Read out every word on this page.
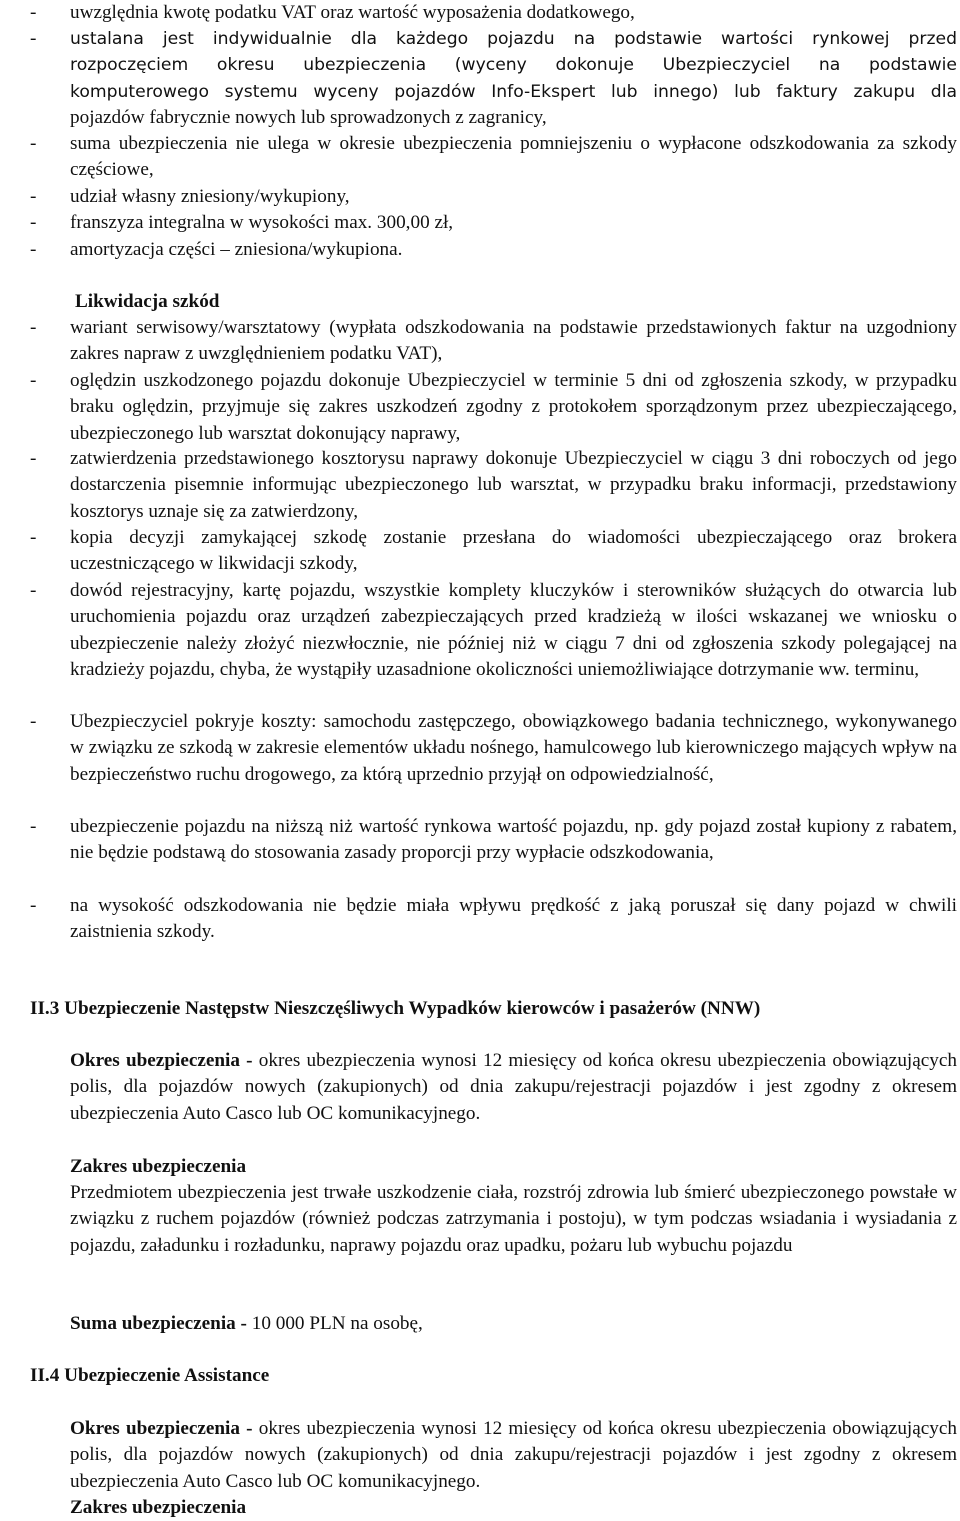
- uwzględnia kwotę podatku VAT oraz wartość wyposażenia dodatkowego,
- ustalana jest indywidualnie dla każdego pojazdu na podstawie wartości rynkowej przed
rozpoczęciem okresu ubezpieczenia (wyceny dokonuje Ubezpieczyciel na podstawie
komputerowego systemu wyceny pojazdów Info-Ekspert lub innego) lub faktury zakupu dla
pojazdów fabrycznie nowych lub sprowadzonych z zagranicy,
- suma ubezpieczenia nie ulega w okresie ubezpieczenia pomniejszeniu o wypłacone odszkodowania za szkody częściowe,
- udział własny zniesiony/wykupiony,
- franszyza integralna w wysokości max. 300,00 zł,
- amortyzacja części – zniesiona/wykupiona.
Likwidacja szkód
- wariant serwisowy/warsztatowy (wypłata odszkodowania na podstawie przedstawionych faktur na uzgodniony zakres napraw z uwzględnieniem podatku VAT),
- oględzin uszkodzonego pojazdu dokonuje Ubezpieczyciel w terminie 5 dni od zgłoszenia szkody, w przypadku braku oględzin, przyjmuje się zakres uszkodzeń zgodny z protokołem sporządzonym przez ubezpieczającego, ubezpieczonego lub warsztat dokonujący naprawy,
- zatwierdzenia przedstawionego kosztorysu naprawy dokonuje Ubezpieczyciel w ciągu 3 dni roboczych od jego dostarczenia pisemnie informując ubezpieczonego lub warsztat, w przypadku braku informacji, przedstawiony kosztorys uznaje się za zatwierdzony,
- kopia decyzji zamykającej szkodę zostanie przesłana do wiadomości ubezpieczającego oraz brokera uczestniczącego w likwidacji szkody,
- dowód rejestracyjny, kartę pojazdu, wszystkie komplety kluczyków i sterowników służących do otwarcia lub uruchomienia pojazdu oraz urządzeń zabezpieczających przed kradzieżą w ilości wskazanej we wniosku o ubezpieczenie należy złożyć niezwłocznie, nie później niż w ciągu 7 dni od zgłoszenia szkody polegającej na kradzieży pojazdu, chyba, że wystąpiły uzasadnione okoliczności uniemożliwiające dotrzymanie ww. terminu,
- Ubezpieczyciel pokryje koszty: samochodu zastępczego, obowiązkowego badania technicznego, wykonywanego w związku ze szkodą w zakresie elementów układu nośnego, hamulcowego lub kierowniczego mających wpływ na bezpieczeństwo ruchu drogowego, za którą uprzednio przyjął on odpowiedzialność,
- ubezpieczenie pojazdu na niższą niż wartość rynkowa wartość pojazdu, np. gdy pojazd został kupiony z rabatem, nie będzie podstawą do stosowania zasady proporcji przy wypłacie odszkodowania,
- na wysokość odszkodowania nie będzie miała wpływu prędkość z jaką poruszał się dany pojazd w chwili zaistnienia szkody.
II.3 Ubezpieczenie Następstw Nieszczęśliwych Wypadków kierowców i pasażerów (NNW)
Okres ubezpieczenia - okres ubezpieczenia wynosi 12 miesięcy od końca okresu ubezpieczenia obowiązujących polis, dla pojazdów nowych (zakupionych) od dnia zakupu/rejestracji pojazdów i jest zgodny z okresem ubezpieczenia Auto Casco lub OC komunikacyjnego.
Zakres ubezpieczenia
Przedmiotem ubezpieczenia jest trwałe uszkodzenie ciała, rozstrój zdrowia lub śmierć ubezpieczonego powstałe w związku z ruchem pojazdów (również podczas zatrzymania i postoju), w tym podczas wsiadania i wysiadania z pojazdu, załadunku i rozładunku, naprawy pojazdu oraz upadku, pożaru lub wybuchu pojazdu
Suma ubezpieczenia - 10 000 PLN na osobę,
II.4 Ubezpieczenie Assistance
Okres ubezpieczenia - okres ubezpieczenia wynosi 12 miesięcy od końca okresu ubezpieczenia obowiązujących polis, dla pojazdów nowych (zakupionych) od dnia zakupu/rejestracji pojazdów i jest zgodny z okresem ubezpieczenia Auto Casco lub OC komunikacyjnego.
Zakres ubezpieczenia
